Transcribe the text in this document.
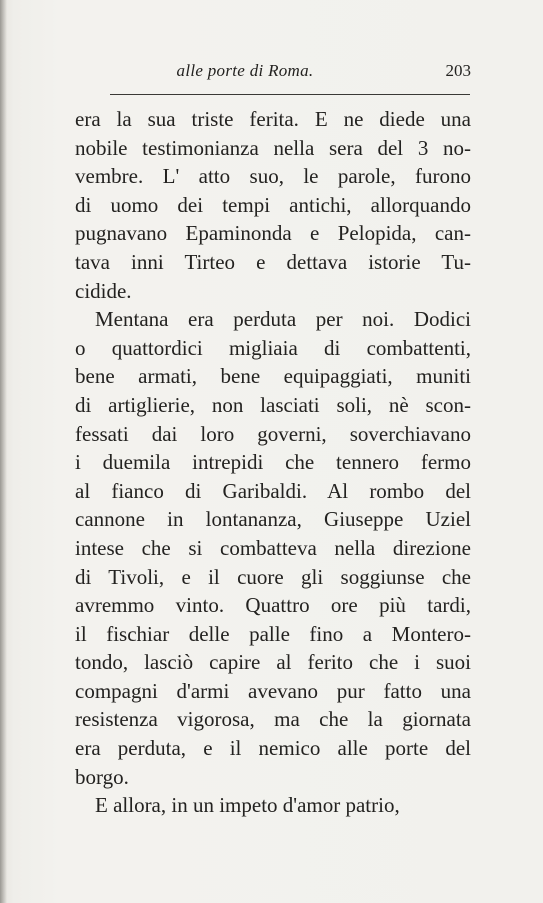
alle porte di Roma.	203
era la sua triste ferita. E ne diede una
nobile testimonianza nella sera del 3 no-
vembre. L' atto suo, le parole, furono
di uomo dei tempi antichi, allorquando
pugnavano Epaminonda e Pelopida, can-
tava inni Tirteo e dettava istorie Tu-
cidide.
Mentana era perduta per noi. Dodici
o quattordici migliaia di combattenti,
bene armati, bene equipaggiati, muniti
di artiglierie, non lasciati soli, nè scon-
fessati dai loro governi, soverchiavano
i duemila intrepidi che tennero fermo
al fianco di Garibaldi. Al rombo del
cannone in lontananza, Giuseppe Uziel
intese che si combatteva nella direzione
di Tivoli, e il cuore gli soggiunse che
avremmo vinto. Quattro ore più tardi,
il fischiar delle palle fino a Montero-
tondo, lasciò capire al ferito che i suoi
compagni d'armi avevano pur fatto una
resistenza vigorosa, ma che la giornata
era perduta, e il nemico alle porte del
borgo.
E allora, in un impeto d'amor patrio,
